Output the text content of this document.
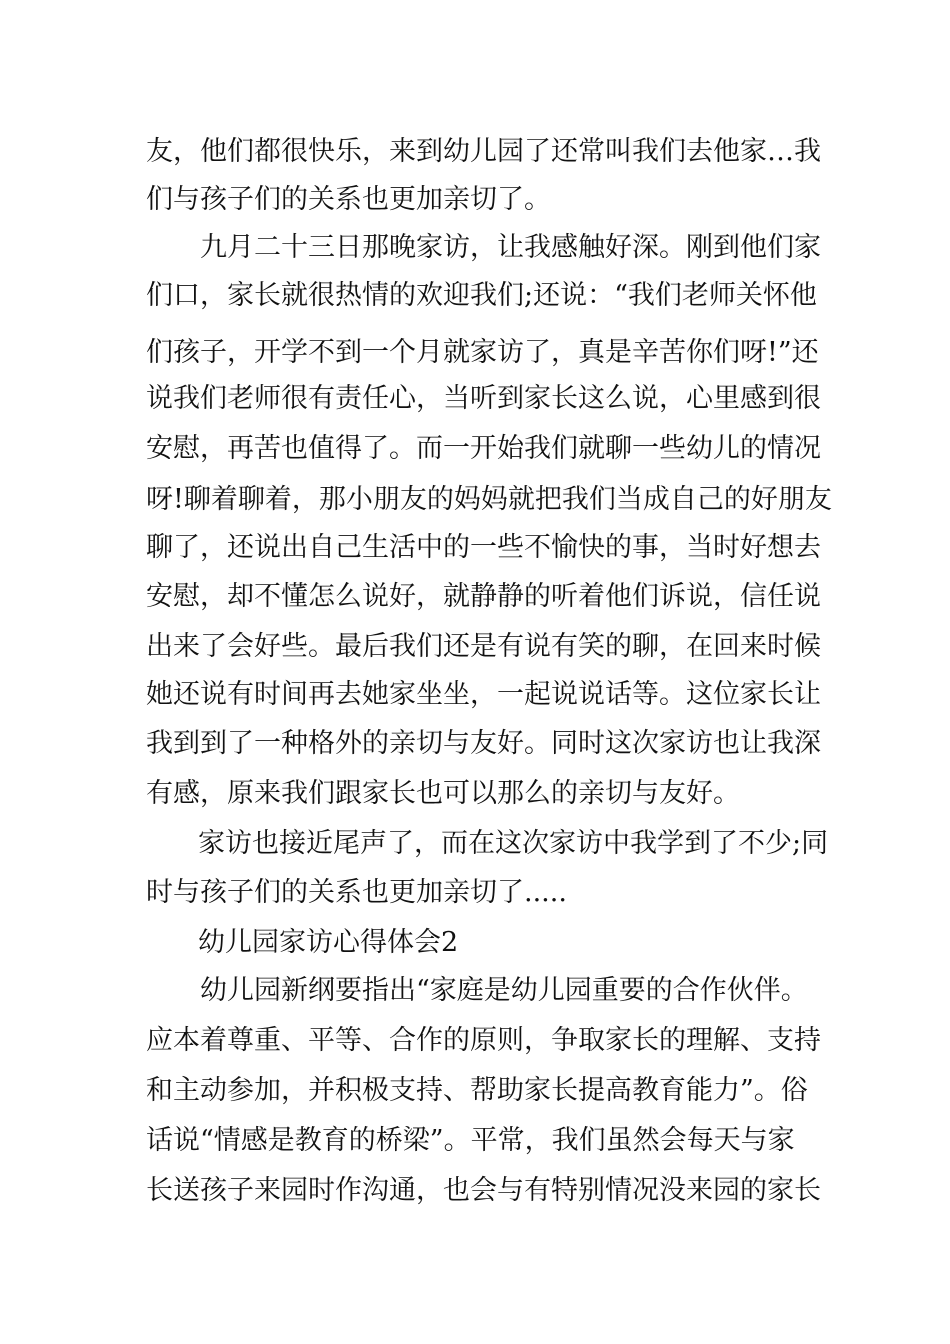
友，他们都很快乐，来到幼儿园了还常叫我们去他家…我
们与孩子们的关系也更加亲切了。
九月二十三日那晚家访，让我感触好深。刚到他们家
们口，家长就很热情的欢迎我们;还说：“我们老师关怀他
们孩子，开学不到一个月就家访了，真是辛苦你们呀!”还
说我们老师很有责任心，当听到家长这么说，心里感到很
安慰，再苦也值得了。而一开始我们就聊一些幼儿的情况
呀!聊着聊着，那小朋友的妈妈就把我们当成自己的好朋友
聊了，还说出自己生活中的一些不愉快的事，当时好想去
安慰，却不懂怎么说好，就静静的听着他们诉说，信任说
出来了会好些。最后我们还是有说有笑的聊，在回来时候
她还说有时间再去她家坐坐，一起说说话等。这位家长让
我到到了一种格外的亲切与友好。同时这次家访也让我深
有感，原来我们跟家长也可以那么的亲切与友好。
家访也接近尾声了，而在这次家访中我学到了不少;同
时与孩子们的关系也更加亲切了.....
幼儿园家访心得体会2
幼儿园新纲要指出“家庭是幼儿园重要的合作伙伴。
应本着尊重、平等、合作的原则，争取家长的理解、支持
和主动参加，并积极支持、帮助家长提高教育能力”。俗
话说“情感是教育的桥梁”。平常，我们虽然会每天与家
长送孩子来园时作沟通，也会与有特别情况没来园的家长
